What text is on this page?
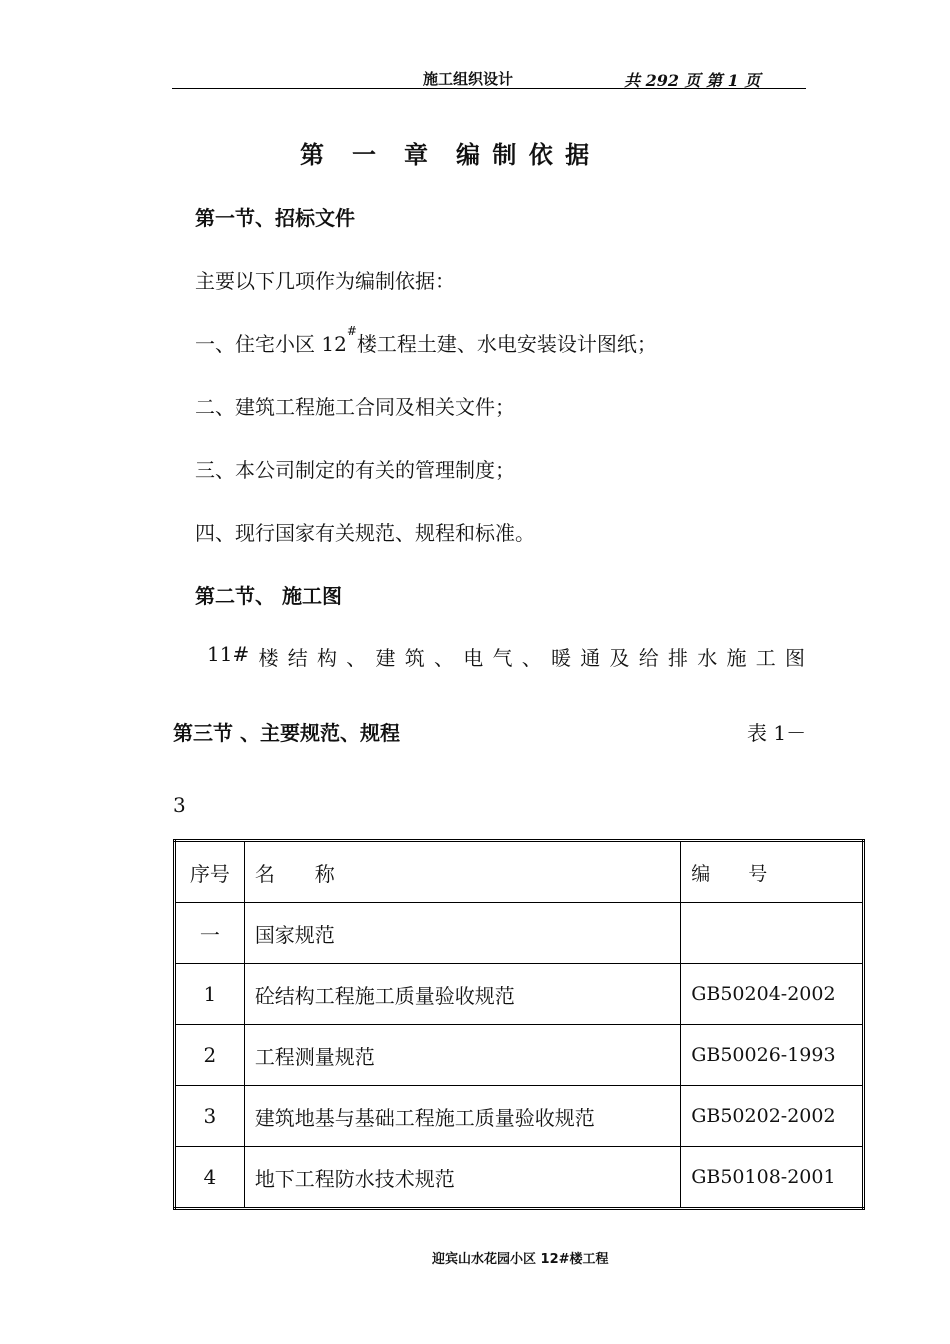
施工组织设计	共 292 页 第 1 页
第　一　章　编 制 依 据
第一节、招标文件
主要以下几项作为编制依据：
一、住宅小区 12#楼工程土建、水电安装设计图纸；
二、建筑工程施工合同及相关文件；
三、本公司制定的有关的管理制度；
四、现行国家有关规范、规程和标准。
第二节、 施工图
11# 楼 结 构 、 建 筑 、 电 气 、 暖 通 及 给 排 水 施 工 图
第三节 、主要规范、规程	表 1－
3
序号	名　　称	编　　号
一	国家规范	
1	砼结构工程施工质量验收规范	GB50204-2002
2	工程测量规范	GB50026-1993
3	建筑地基与基础工程施工质量验收规范	GB50202-2002
4	地下工程防水技术规范	GB50108-2001
迎宾山水花园小区 12#楼工程
